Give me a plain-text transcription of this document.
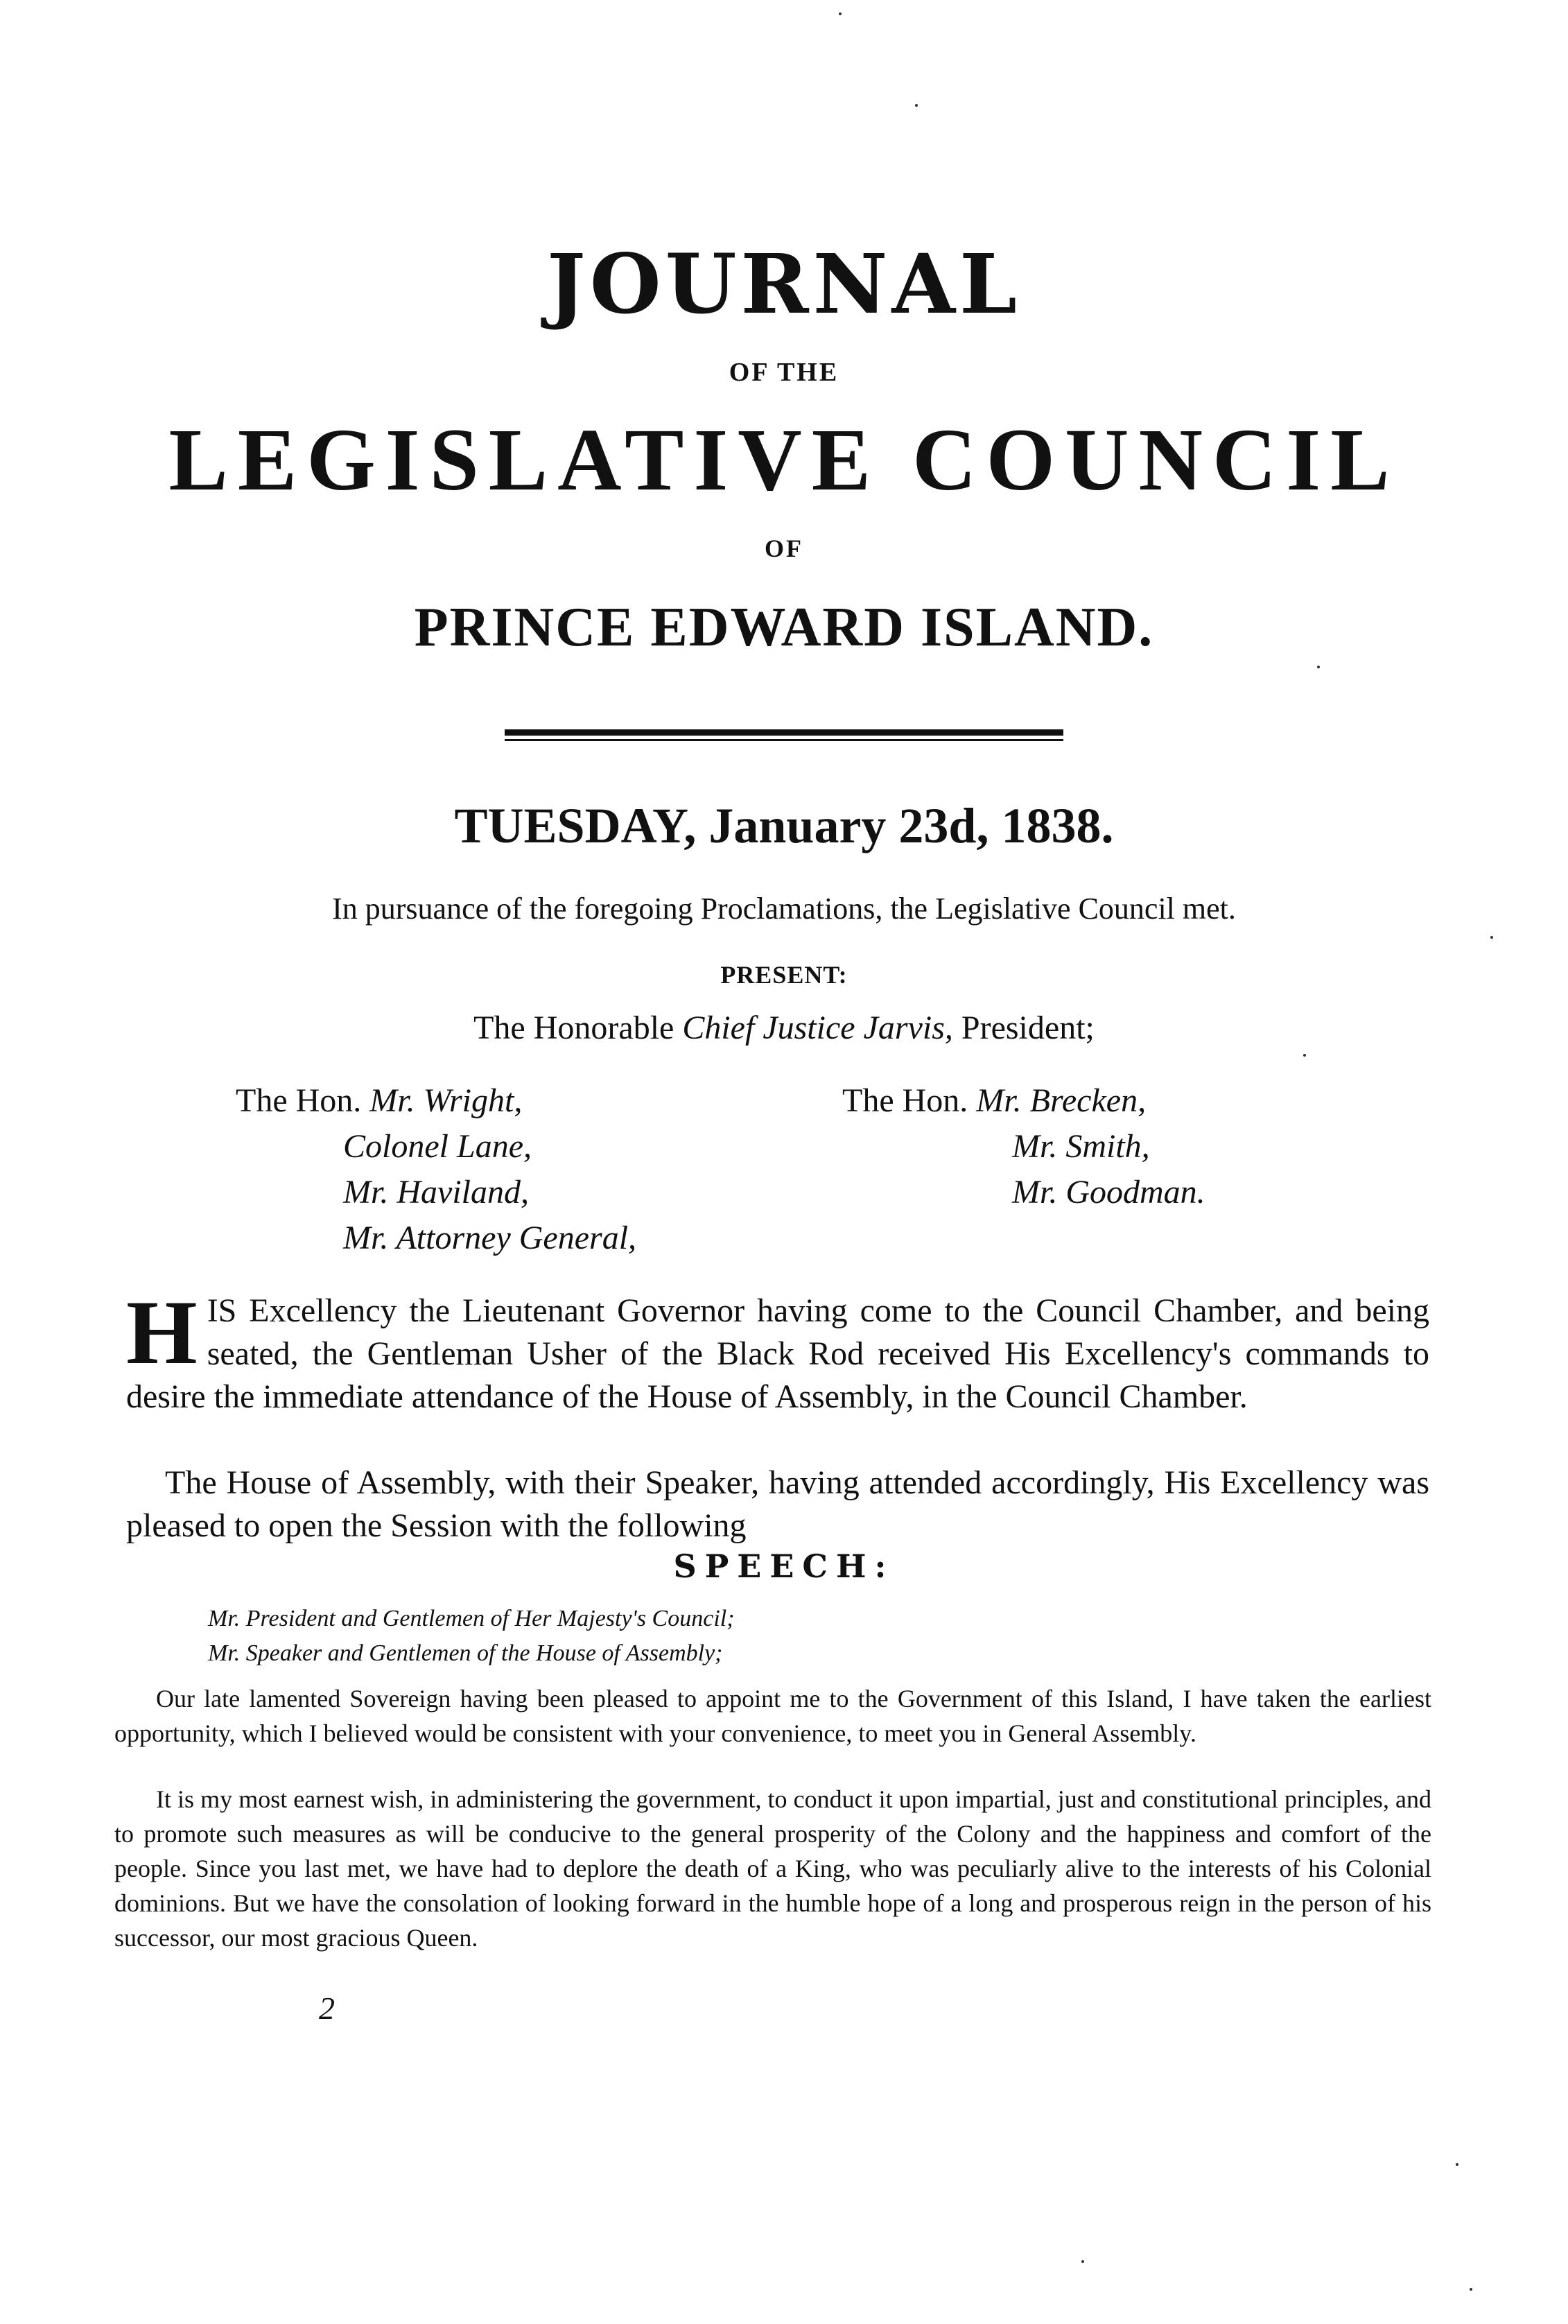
JOURNAL
OF THE
LEGISLATIVE COUNCIL
OF
PRINCE EDWARD ISLAND.
TUESDAY, January 23d, 1838.
In pursuance of the foregoing Proclamations, the Legislative Council met.
PRESENT:
The Honorable Chief Justice Jarvis, President;
The Hon. Mr. Wright,
Colonel Lane,
Mr. Haviland,
Mr. Attorney General,
The Hon. Mr. Brecken,
Mr. Smith,
Mr. Goodman.
HIS Excellency the Lieutenant Governor having come to the Council Chamber, and being seated, the Gentleman Usher of the Black Rod received His Excellency's commands to desire the immediate attendance of the House of Assembly, in the Council Chamber.
The House of Assembly, with their Speaker, having attended accordingly, His Excellency was pleased to open the Session with the following
SPEECH:
Mr. President and Gentlemen of Her Majesty's Council;
Mr. Speaker and Gentlemen of the House of Assembly;
Our late lamented Sovereign having been pleased to appoint me to the Government of this Island, I have taken the earliest opportunity, which I believed would be consistent with your convenience, to meet you in General Assembly.
It is my most earnest wish, in administering the government, to conduct it upon impartial, just and constitutional principles, and to promote such measures as will be conducive to the general prosperity of the Colony and the happiness and comfort of the people. Since you last met, we have had to deplore the death of a King, who was peculiarly alive to the interests of his Colonial dominions. But we have the consolation of looking forward in the humble hope of a long and prosperous reign in the person of his successor, our most gracious Queen.
2
